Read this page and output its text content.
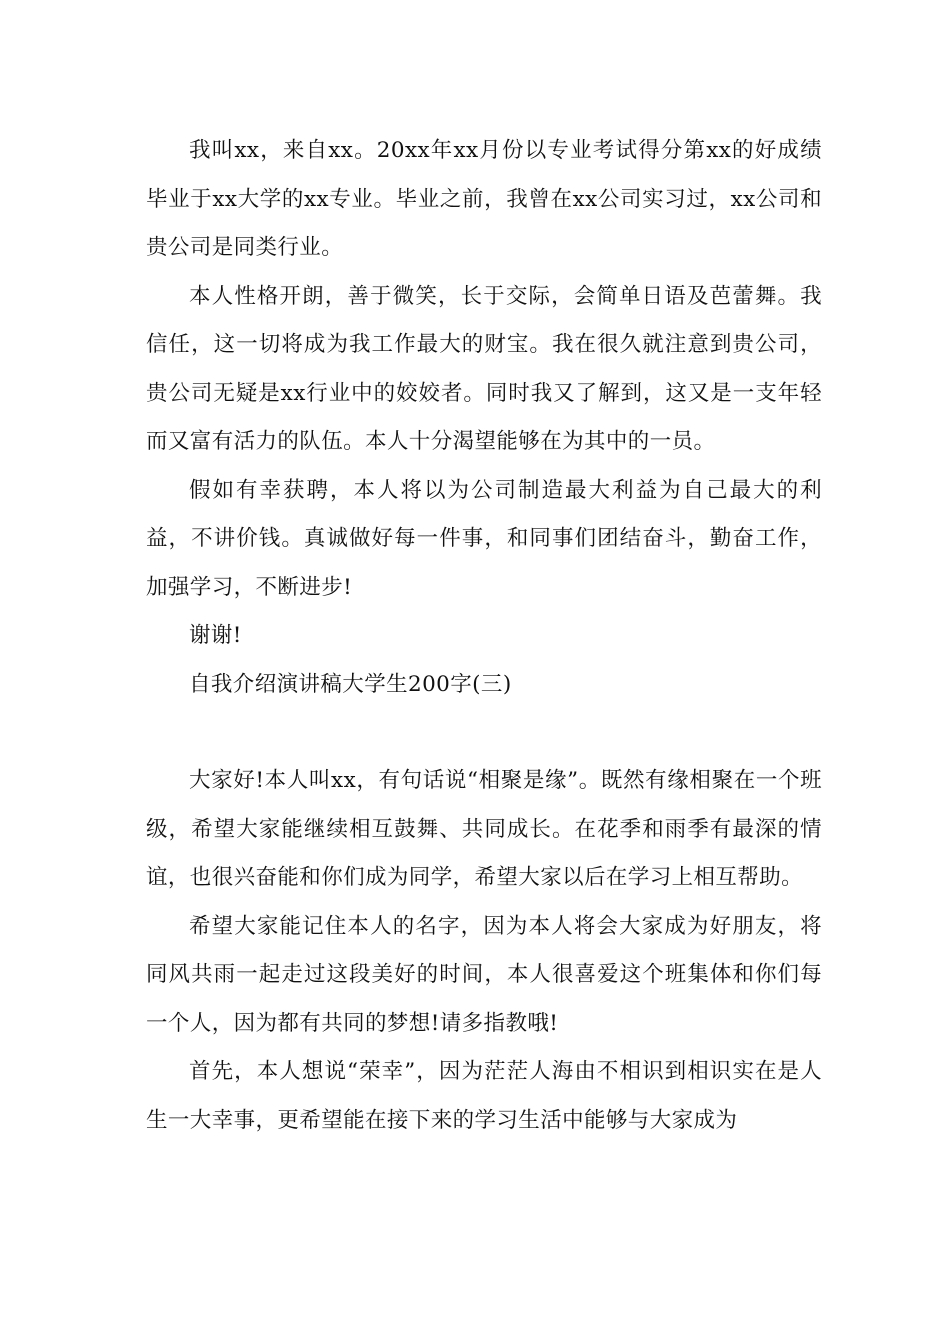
我叫xx，来自xx。20xx年xx月份以专业考试得分第xx的好成绩毕业于xx大学的xx专业。毕业之前，我曾在xx公司实习过，xx公司和贵公司是同类行业。

本人性格开朗，善于微笑，长于交际，会简单日语及芭蕾舞。我信任，这一切将成为我工作最大的财宝。我在很久就注意到贵公司，贵公司无疑是xx行业中的姣姣者。同时我又了解到，这又是一支年轻而又富有活力的队伍。本人十分渴望能够在为其中的一员。

假如有幸获聘，本人将以为公司制造最大利益为自己最大的利益，不讲价钱。真诚做好每一件事，和同事们团结奋斗，勤奋工作，加强学习，不断进步!

谢谢!

自我介绍演讲稿大学生200字(三)

大家好!本人叫xx，有句话说“相聚是缘”。既然有缘相聚在一个班级，希望大家能继续相互鼓舞、共同成长。在花季和雨季有最深的情谊，也很兴奋能和你们成为同学，希望大家以后在学习上相互帮助。

希望大家能记住本人的名字，因为本人将会大家成为好朋友，将同风共雨一起走过这段美好的时间，本人很喜爱这个班集体和你们每一个人，因为都有共同的梦想!请多指教哦!

首先，本人想说“荣幸”，因为茫茫人海由不相识到相识实在是人生一大幸事，更希望能在接下来的学习生活中能够与大家成为
